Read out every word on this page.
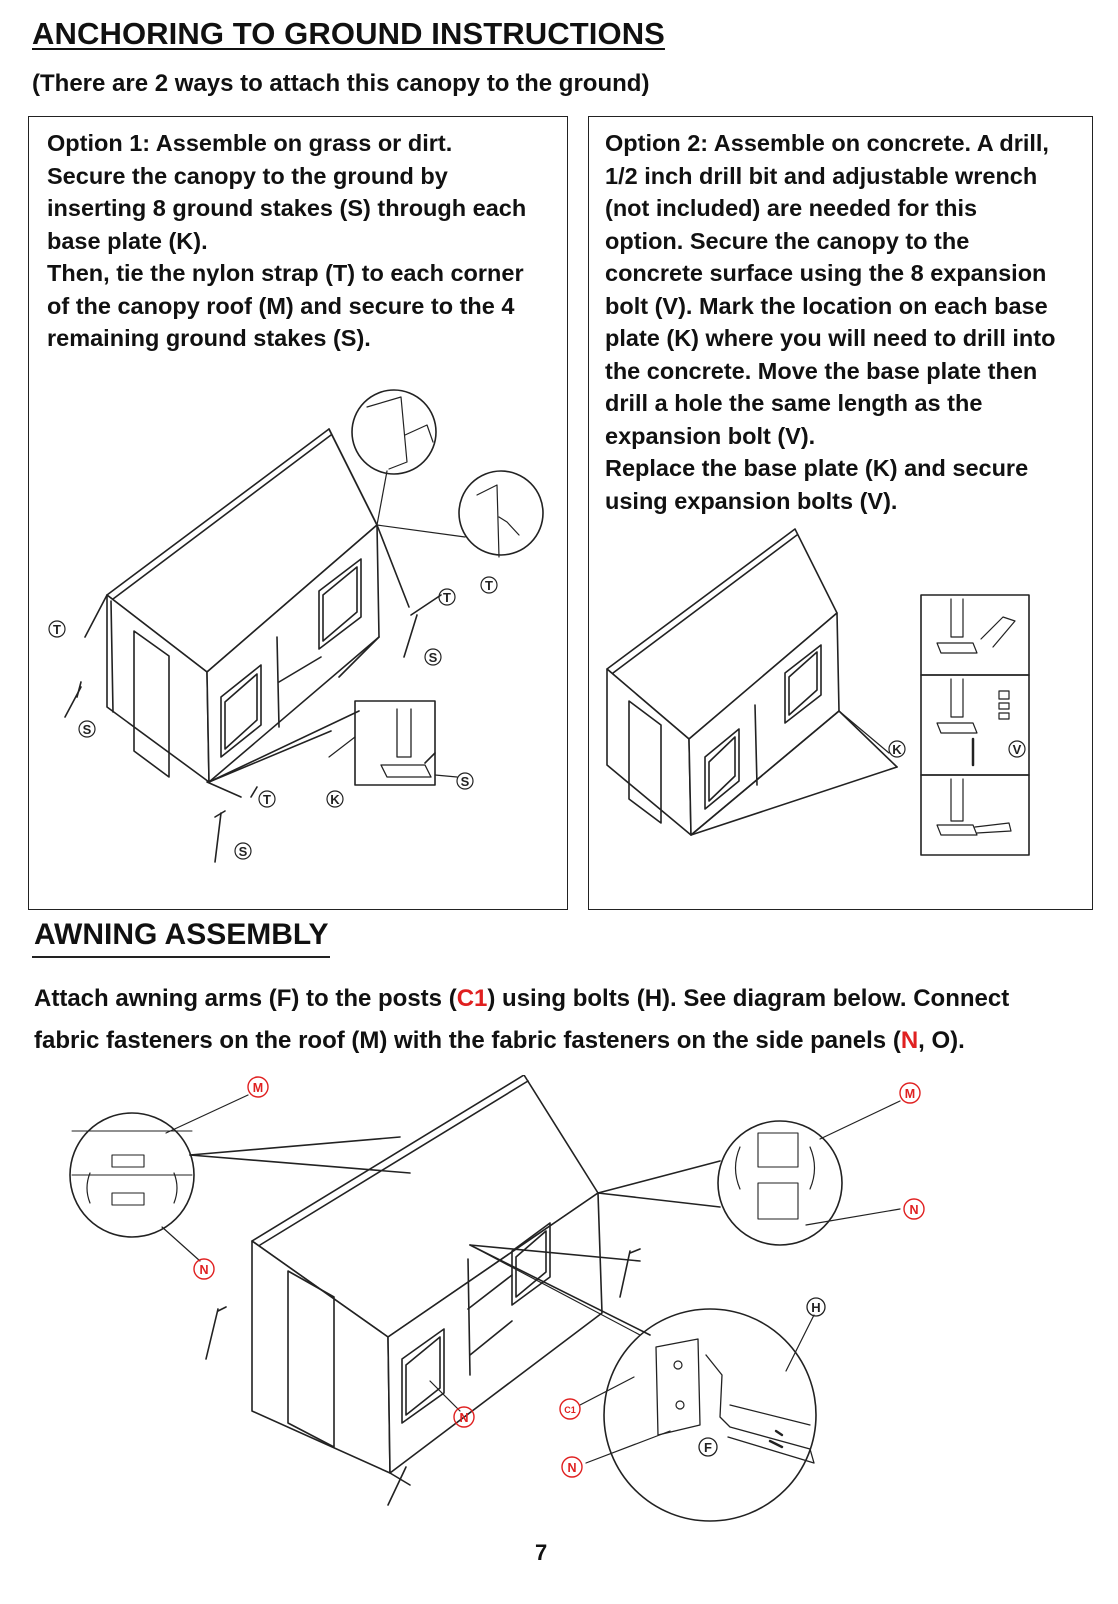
ANCHORING TO GROUND INSTRUCTIONS

(There are 2 ways to attach this canopy to the ground)

Option 1: Assemble on grass or dirt.
Secure the canopy to the ground by
inserting 8 ground stakes (S) through each
base plate (K).
Then, tie the nylon strap (T) to each corner
of the canopy roof (M) and secure to the 4
remaining ground stakes (S).

T
S
T
T
S
S
T	K
S

Option 2: Assemble on concrete. A drill,
1/2 inch drill bit and adjustable wrench
(not included) are needed for this
option. Secure the canopy to the
concrete surface using the 8 expansion
bolt (V). Mark the location on each base
plate (K) where you will need to drill into
the concrete. Move the base plate then
drill a hole the same length as the
expansion bolt (V).
Replace the base plate (K) and secure
using expansion bolts (V).

K	V
AWNING ASSEMBLY

Attach awning arms (F) to the posts (C1) using bolts (H). See diagram below. Connect
fabric fasteners on the roof (M) with the fabric fasteners on the side panels (N, O).

M
N
M
N
N
C1
N
H
F
7
